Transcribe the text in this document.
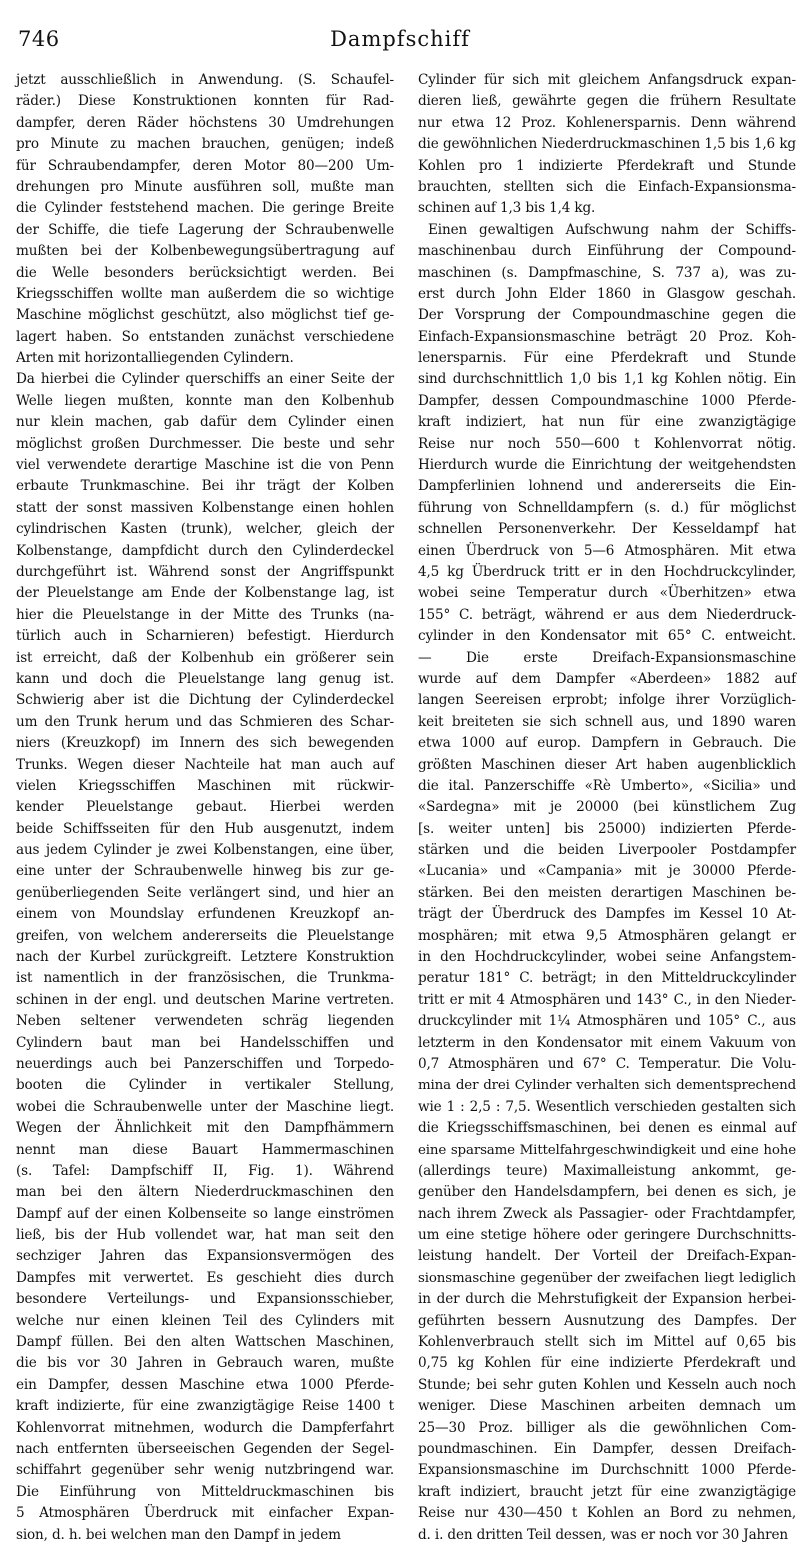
746	Dampfschiff
jetzt ausschließlich in Anwendung. (S. Schaufel-
räder.) Diese Konstruktionen konnten für Rad-
dampfer, deren Räder höchstens 30 Umdrehungen
pro Minute zu machen brauchen, genügen; indeß
für Schraubendampfer, deren Motor 80—200 Um-
drehungen pro Minute ausführen soll, mußte man
die Cylinder feststehend machen. Die geringe Breite
der Schiffe, die tiefe Lagerung der Schraubenwelle
mußten bei der Kolbenbewegungsübertragung auf
die Welle besonders berücksichtigt werden. Bei
Kriegsschiffen wollte man außerdem die so wichtige
Maschine möglichst geschützt, also möglichst tief ge-
lagert haben. So entstanden zunächst verschiedene
Arten mit horizontalliegenden Cylindern.
Da hierbei die Cylinder querschiffs an einer Seite der
Welle liegen mußten, konnte man den Kolbenhub
nur klein machen, gab dafür dem Cylinder einen
möglichst großen Durchmesser. Die beste und sehr
viel verwendete derartige Maschine ist die von Penn
erbaute Trunkmaschine. Bei ihr trägt der Kolben
statt der sonst massiven Kolbenstange einen hohlen
cylindrischen Kasten (trunk), welcher, gleich der
Kolbenstange, dampfdicht durch den Cylinderdeckel
durchgeführt ist. Während sonst der Angriffspunkt
der Pleuelstange am Ende der Kolbenstange lag, ist
hier die Pleuelstange in der Mitte des Trunks (na-
türlich auch in Scharnieren) befestigt. Hierdurch
ist erreicht, daß der Kolbenhub ein größerer sein
kann und doch die Pleuelstange lang genug ist.
Schwierig aber ist die Dichtung der Cylinderdeckel
um den Trunk herum und das Schmieren des Schar-
niers (Kreuzkopf) im Innern des sich bewegenden
Trunks. Wegen dieser Nachteile hat man auch auf
vielen Kriegsschiffen Maschinen mit rückwir-
kender Pleuelstange gebaut. Hierbei werden
beide Schiffsseiten für den Hub ausgenutzt, indem
aus jedem Cylinder je zwei Kolbenstangen, eine über,
eine unter der Schraubenwelle hinweg bis zur ge-
genüberliegenden Seite verlängert sind, und hier an
einem von Moundslay erfundenen Kreuzkopf an-
greifen, von welchem andererseits die Pleuelstange
nach der Kurbel zurückgreift. Letztere Konstruktion
ist namentlich in der französischen, die Trunkma-
schinen in der engl. und deutschen Marine vertreten.
Neben seltener verwendeten schräg liegenden
Cylindern baut man bei Handelsschiffen und
neuerdings auch bei Panzerschiffen und Torpedo-
booten die Cylinder in vertikaler Stellung,
wobei die Schraubenwelle unter der Maschine liegt.
Wegen der Ähnlichkeit mit den Dampfhämmern
nennt man diese Bauart Hammermaschinen
(s. Tafel: Dampfschiff II, Fig. 1). Während
man bei den ältern Niederdruckmaschinen den
Dampf auf der einen Kolbenseite so lange einströmen
ließ, bis der Hub vollendet war, hat man seit den
sechziger Jahren das Expansionsvermögen des
Dampfes mit verwertet. Es geschieht dies durch
besondere Verteilungs- und Expansionsschieber,
welche nur einen kleinen Teil des Cylinders mit
Dampf füllen. Bei den alten Wattschen Maschinen,
die bis vor 30 Jahren in Gebrauch waren, mußte
ein Dampfer, dessen Maschine etwa 1000 Pferde-
kraft indizierte, für eine zwanzigtägige Reise 1400 t
Kohlenvorrat mitnehmen, wodurch die Dampferfahrt
nach entfernten überseeischen Gegenden der Segel-
schiffahrt gegenüber sehr wenig nutzbringend war.
Die Einführung von Mitteldruckmaschinen bis
5 Atmosphären Überdruck mit einfacher Expan-
sion, d. h. bei welchen man den Dampf in jedem
Cylinder für sich mit gleichem Anfangsdruck expan-
dieren ließ, gewährte gegen die frühern Resultate
nur etwa 12 Proz. Kohlenersparnis. Denn während
die gewöhnlichen Niederdruckmaschinen 1,5 bis 1,6 kg
Kohlen pro 1 indizierte Pferdekraft und Stunde
brauchten, stellten sich die Einfach-Expansionsma-
schinen auf 1,3 bis 1,4 kg.
Einen gewaltigen Aufschwung nahm der Schiffs-
maschinenbau durch Einführung der Compound-
maschinen (s. Dampfmaschine, S. 737 a), was zu-
erst durch John Elder 1860 in Glasgow geschah.
Der Vorsprung der Compoundmaschine gegen die
Einfach-Expansionsmaschine beträgt 20 Proz. Koh-
lenersparnis. Für eine Pferdekraft und Stunde
sind durchschnittlich 1,0 bis 1,1 kg Kohlen nötig. Ein
Dampfer, dessen Compoundmaschine 1000 Pferde-
kraft indiziert, hat nun für eine zwanzigtägige
Reise nur noch 550—600 t Kohlenvorrat nötig.
Hierdurch wurde die Einrichtung der weitgehendsten
Dampferlinien lohnend und andererseits die Ein-
führung von Schnelldampfern (s. d.) für möglichst
schnellen Personenverkehr. Der Kesseldampf hat
einen Überdruck von 5—6 Atmosphären. Mit etwa
4,5 kg Überdruck tritt er in den Hochdruckcylinder,
wobei seine Temperatur durch «Überhitzen» etwa
155° C. beträgt, während er aus dem Niederdruck-
cylinder in den Kondensator mit 65° C. entweicht.
— Die erste Dreifach-Expansionsmaschine
wurde auf dem Dampfer «Aberdeen» 1882 auf
langen Seereisen erprobt; infolge ihrer Vorzüglich-
keit breiteten sie sich schnell aus, und 1890 waren
etwa 1000 auf europ. Dampfern in Gebrauch. Die
größten Maschinen dieser Art haben augenblicklich
die ital. Panzerschiffe «Rè Umberto», «Sicilia» und
«Sardegna» mit je 20000 (bei künstlichem Zug
[s. weiter unten] bis 25000) indizierten Pferde-
stärken und die beiden Liverpooler Postdampfer
«Lucania» und «Campania» mit je 30000 Pferde-
stärken. Bei den meisten derartigen Maschinen be-
trägt der Überdruck des Dampfes im Kessel 10 At-
mosphären; mit etwa 9,5 Atmosphären gelangt er
in den Hochdruckcylinder, wobei seine Anfangstem-
peratur 181° C. beträgt; in den Mitteldruckcylinder
tritt er mit 4 Atmosphären und 143° C., in den Nieder-
druckcylinder mit 1¼ Atmosphären und 105° C., aus
letzterm in den Kondensator mit einem Vakuum von
0,7 Atmosphären und 67° C. Temperatur. Die Volu-
mina der drei Cylinder verhalten sich dementsprechend
wie 1 : 2,5 : 7,5. Wesentlich verschieden gestalten sich
die Kriegsschiffsmaschinen, bei denen es einmal auf
eine sparsame Mittelfahrgeschwindigkeit und eine hohe
(allerdings teure) Maximalleistung ankommt, ge-
genüber den Handelsdampfern, bei denen es sich, je
nach ihrem Zweck als Passagier- oder Frachtdampfer,
um eine stetige höhere oder geringere Durchschnitts-
leistung handelt. Der Vorteil der Dreifach-Expan-
sionsmaschine gegenüber der zweifachen liegt lediglich
in der durch die Mehrstufigkeit der Expansion herbei-
geführten bessern Ausnutzung des Dampfes. Der
Kohlenverbrauch stellt sich im Mittel auf 0,65 bis
0,75 kg Kohlen für eine indizierte Pferdekraft und
Stunde; bei sehr guten Kohlen und Kesseln auch noch
weniger. Diese Maschinen arbeiten demnach um
25—30 Proz. billiger als die gewöhnlichen Com-
poundmaschinen. Ein Dampfer, dessen Dreifach-
Expansionsmaschine im Durchschnitt 1000 Pferde-
kraft indiziert, braucht jetzt für eine zwanzigtägige
Reise nur 430—450 t Kohlen an Bord zu nehmen,
d. i. den dritten Teil dessen, was er noch vor 30 Jahren
